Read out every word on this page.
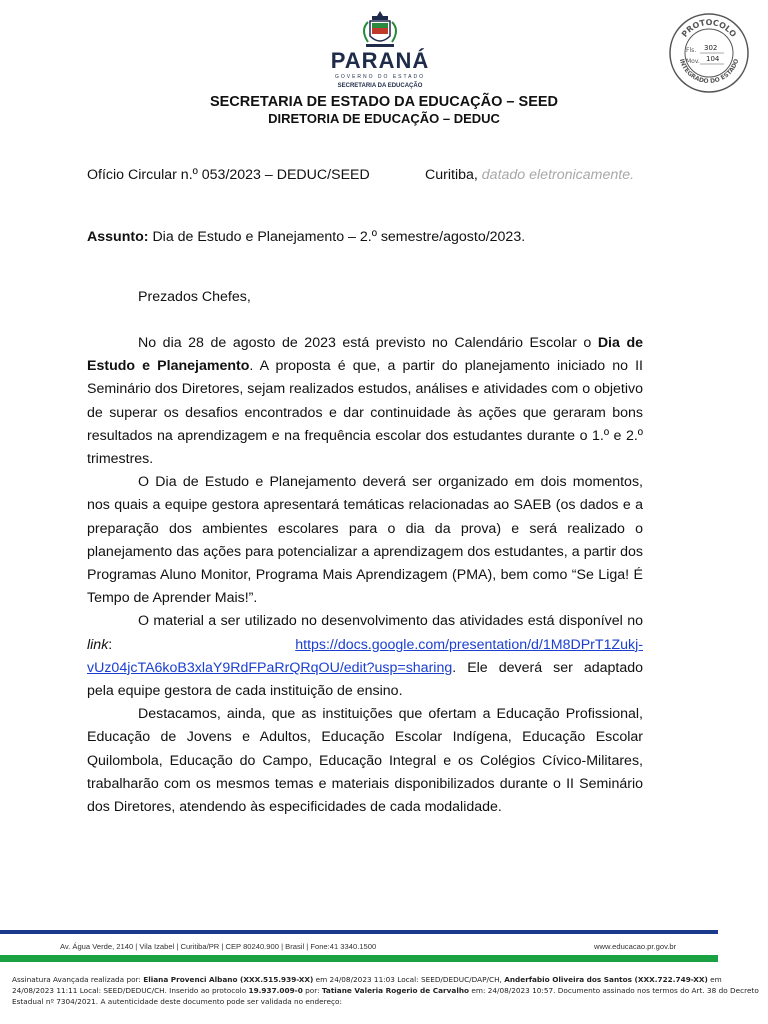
PARANÁ
GOVERNO DO ESTADO
SECRETARIA DA EDUCAÇÃO
PROTOCOLO
INTEGRADO DO ESTADO
Fls. 302
Mov. 104
SECRETARIA DE ESTADO DA EDUCAÇÃO – SEED
DIRETORIA DE EDUCAÇÃO – DEDUC
Ofício Circular n.º 053/2023 – DEDUC/SEED	Curitiba, datado eletronicamente.
Assunto: Dia de Estudo e Planejamento – 2.º semestre/agosto/2023.
Prezados Chefes,

No dia 28 de agosto de 2023 está previsto no Calendário Escolar o Dia de Estudo e Planejamento. A proposta é que, a partir do planejamento iniciado no II Seminário dos Diretores, sejam realizados estudos, análises e atividades com o objetivo de superar os desafios encontrados e dar continuidade às ações que geraram bons resultados na aprendizagem e na frequência escolar dos estudantes durante o 1.º e 2.º trimestres.

O Dia de Estudo e Planejamento deverá ser organizado em dois momentos, nos quais a equipe gestora apresentará temáticas relacionadas ao SAEB (os dados e a preparação dos ambientes escolares para o dia da prova) e será realizado o planejamento das ações para potencializar a aprendizagem dos estudantes, a partir dos Programas Aluno Monitor, Programa Mais Aprendizagem (PMA), bem como “Se Liga! É Tempo de Aprender Mais!”.

O material a ser utilizado no desenvolvimento das atividades está disponível no link: https://docs.google.com/presentation/d/1M8DPrT1Zukj-vUz04jcTA6koB3xlaY9RdFPaRrQRqOU/edit?usp=sharing. Ele deverá ser adaptado pela equipe gestora de cada instituição de ensino.

Destacamos, ainda, que as instituições que ofertam a Educação Profissional, Educação de Jovens e Adultos, Educação Escolar Indígena, Educação Escolar Quilombola, Educação do Campo, Educação Integral e os Colégios Cívico-Militares, trabalharão com os mesmos temas e materiais disponibilizados durante o II Seminário dos Diretores, atendendo às especificidades de cada modalidade.

Av. Água Verde, 2140 | Vila Izabel | Curitiba/PR | CEP 80240.900 | Brasil | Fone:41 3340.1500	www.educacao.pr.gov.br
Assinatura Avançada realizada por: Eliana Provenci Albano (XXX.515.939-XX) em 24/08/2023 11:03 Local: SEED/DEDUC/DAP/CH, Anderfabio Oliveira dos Santos (XXX.722.749-XX) em 24/08/2023 11:11 Local: SEED/DEDUC/CH. Inserido ao protocolo 19.937.009-0 por: Tatiane Valeria Rogerio de Carvalho em: 24/08/2023 10:57. Documento assinado nos termos do Art. 38 do Decreto Estadual nº 7304/2021. A autenticidade deste documento pode ser validada no endereço:
